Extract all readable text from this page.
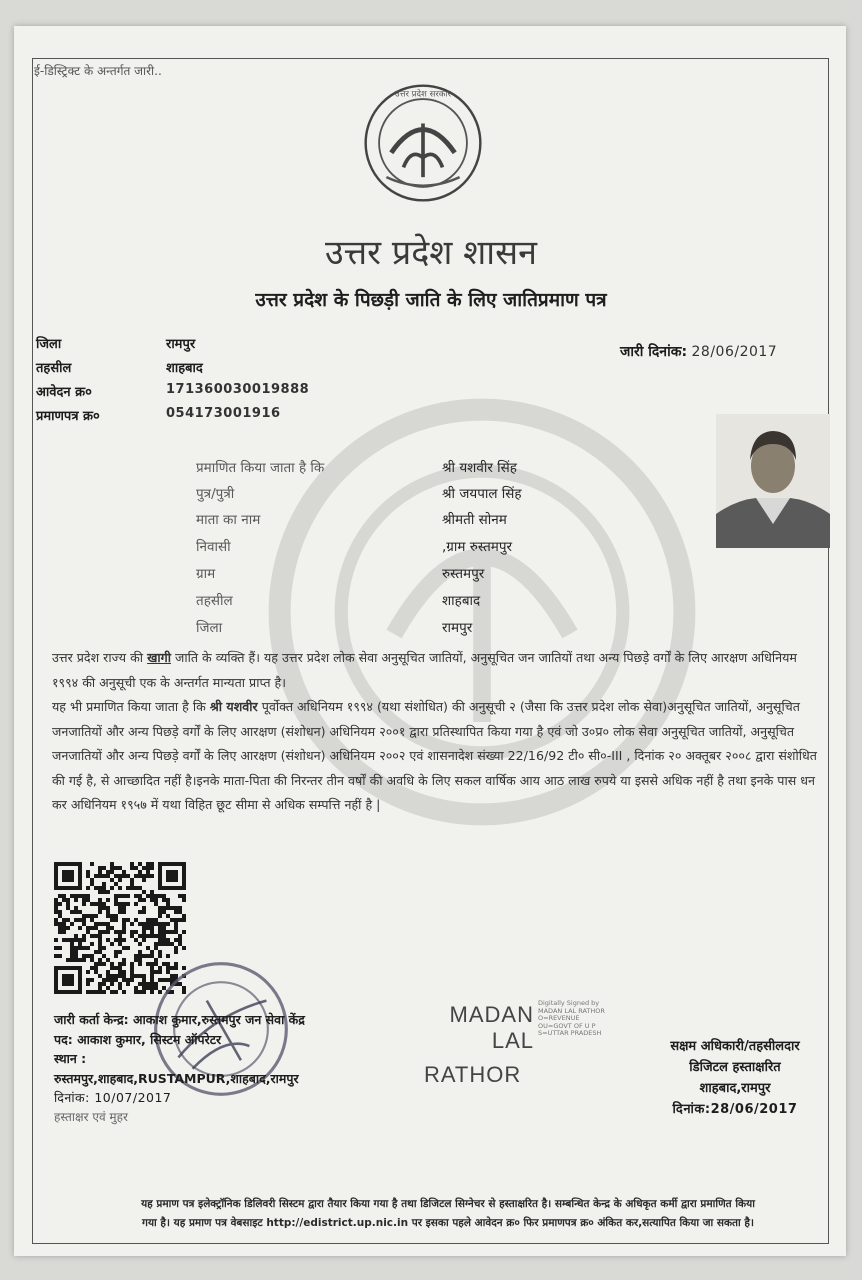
ई-डिस्ट्रिक्ट के अन्तर्गत जारी..
उत्तर प्रदेश सरकार
उत्तर प्रदेश शासन
उत्तर प्रदेश के पिछड़ी जाति के लिए जातिप्रमाण पत्र
जिला	रामपुर
तहसील	शाहबाद
आवेदन क्र०	171360030019888
प्रमाणपत्र क्र०	054173001916
जारी दिनांक: 28/06/2017
प्रमाणित किया जाता है कि	श्री यशवीर सिंह
पुत्र/पुत्री	श्री जयपाल सिंह
माता का नाम	श्रीमती सोनम
निवासी	,ग्राम रुस्तमपुर
ग्राम	रुस्तमपुर
तहसील	शाहबाद
जिला	रामपुर

उत्तर प्रदेश राज्य की खागी जाति के व्यक्ति हैं। यह उत्तर प्रदेश लोक सेवा अनुसूचित जातियों, अनुसूचित जन जातियों तथा अन्य पिछड़े वर्गों के लिए आरक्षण अधिनियम १९९४ की अनुसूची एक के अन्तर्गत मान्यता प्राप्त है।

यह भी प्रमाणित किया जाता है कि श्री यशवीर पूर्वोक्त अधिनियम १९९४ (यथा संशोधित) की अनुसूची २ (जैसा कि उत्तर प्रदेश लोक सेवा)अनुसूचित जातियों, अनुसूचित जनजातियों और अन्य पिछड़े वर्गों के लिए आरक्षण (संशोधन) अधिनियम २००१ द्वारा प्रतिस्थापित किया गया है एवं जो उ०प्र० लोक सेवा अनुसूचित जातियों, अनुसूचित जनजातियों और अन्य पिछड़े वर्गों के लिए आरक्षण (संशोधन) अधिनियम २००२ एवं शासनादेश संख्या 22/16/92 टी० सी०-III , दिनांक २० अक्तूबर २००८ द्वारा संशोधित की गई है, से आच्छादित नहीं है।इनके माता-पिता की निरन्तर तीन वर्षों की अवधि के लिए सकल वार्षिक आय आठ लाख रुपये या इससे अधिक नहीं है तथा इनके पास धन कर अधिनियम १९५७ में यथा विहित छूट सीमा से अधिक सम्पत्ति नहीं है |

जारी कर्ता केन्द्र: आकाश कुमार,रुस्तमपुर जन सेवा केंद्र
पद: आकाश कुमार, सिस्टम ऑपरेटर
स्थान :
रुस्तमपुर,शाहबाद,RUSTAMPUR,शाहबाद,रामपुर
दिनांक: 10/07/2017
हस्ताक्षर एवं मुहर
MADAN
LAL
RATHOR
Digitally Signed by MADAN LAL RATHOR O=REVENUE OU=GOVT OF U P S=UTTAR PRADESH
सक्षम अधिकारी/तहसीलदार
डिजिटल हस्ताक्षरित
शाहबाद,रामपुर
दिनांक:28/06/2017
यह प्रमाण पत्र इलेक्ट्रॉनिक डिलिवरी सिस्टम द्वारा तैयार किया गया है तथा डिजिटल सिग्नेचर से हस्ताक्षरित है। सम्बन्धित केन्द्र के अधिकृत कर्मी द्वारा प्रमाणित किया
गया है। यह प्रमाण पत्र वेबसाइट http://edistrict.up.nic.in पर इसका पहले आवेदन क्र० फिर प्रमाणपत्र क्र० अंकित कर,सत्यापित किया जा सकता है।
